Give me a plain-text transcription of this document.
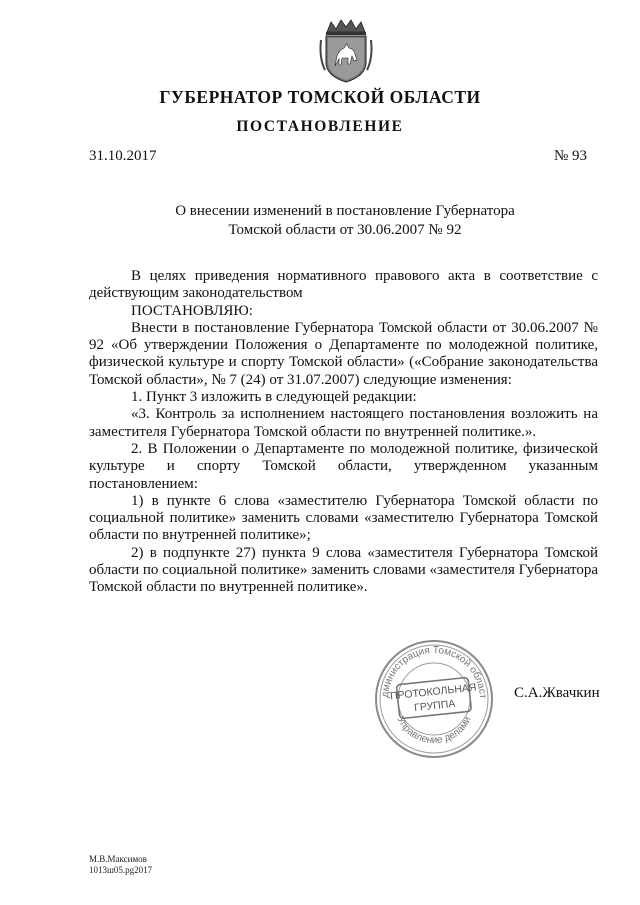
ГУБЕРНАТОР ТОМСКОЙ ОБЛАСТИ
ПОСТАНОВЛЕНИЕ
31.10.2017	№ 93
О внесении изменений в постановление Губернатора
Томской области от 30.06.2007 № 92

В целях приведения нормативного правового акта в соответствие с действующим законодательством

ПОСТАНОВЛЯЮ:

Внести в постановление Губернатора Томской области от 30.06.2007 № 92 «Об утверждении Положения о Департаменте по молодежной политике, физической культуре и спорту Томской области» («Собрание законодательства Томской области», № 7 (24) от 31.07.2007) следующие изменения:

1. Пункт 3 изложить в следующей редакции:

«3. Контроль за исполнением настоящего постановления возложить на заместителя Губернатора Томской области по внутренней политике.».

2. В Положении о Департаменте по молодежной политике, физической культуре и спорту Томской области, утвержденном указанным постановлением:

1) в пункте 6 слова «заместителю Губернатора Томской области по социальной политике» заменить словами «заместителю Губернатора Томской области по внутренней политике»;

2) в подпункте 27) пункта 9 слова «заместителя Губернатора Томской области по социальной политике» заменить словами «заместителя Губернатора Томской области по внутренней политике».

дминистрация Томской област
Управление делами
ПРОТОКОЛЬНАЯ
ГРУППА
С.А.Жвачкин
М.В.Максимов
1013ш05.pg2017
